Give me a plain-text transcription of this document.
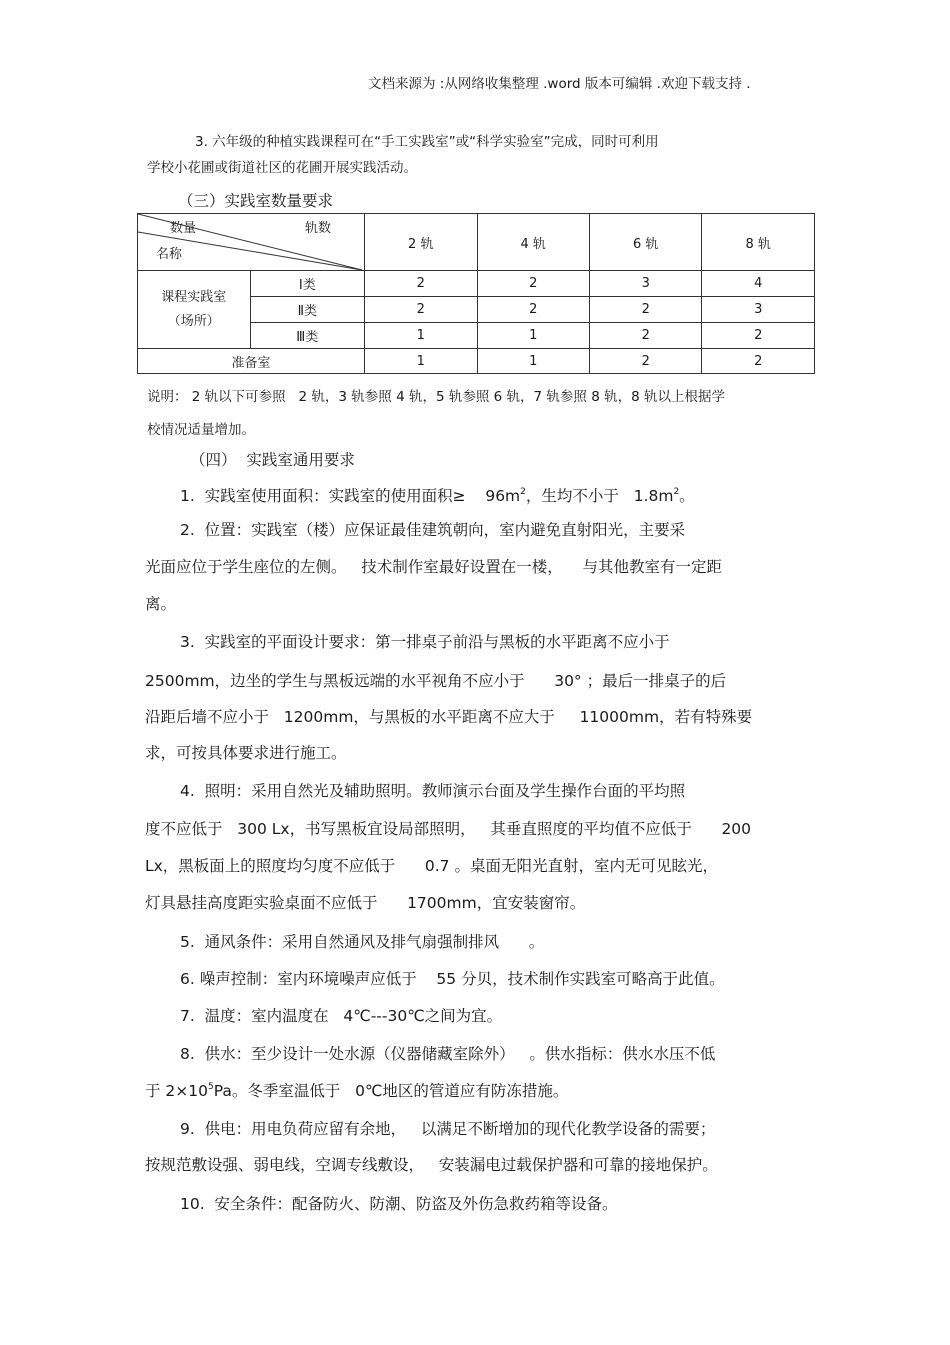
文档来源为 :从网络收集整理 .word 版本可编辑 .欢迎下载支持 .
3. 六年级的种植实践课程可在“手工实践室”或“科学实验室”完成，同时可利用
学校小花圃或街道社区的花圃开展实践活动。
（三）实践室数量要求
数量
名称
轨数		2 轨	4 轨	6 轨	8 轨

课程实践室
（场所）	Ⅰ类	2	2	3	4
	Ⅱ类	2	2	2	3
	Ⅲ类	1	1	2	2
准备室		1	1	2	2
说明： 2 轨以下可参照   2 轨，3 轨参照 4 轨，5 轨参照 6 轨，7 轨参照 8 轨，8 轨以上根据学
校情况适量增加。
（四）  实践室通用要求
1.  实践室使用面积：实践室的使用面积≥    $96m^2$，生均不小于   $1.8m^2$。
2.  位置：实践室（楼）应保证最佳建筑朝向，室内避免直射阳光，主要采
光面应位于学生座位的左侧。   技术制作室最好设置在一楼，    与其他教室有一定距
离。
3.  实践室的平面设计要求：第一排桌子前沿与黑板的水平距离不应小于
2500mm，边坐的学生与黑板远端的水平视角不应小于      30° ；最后一排桌子的后
沿距后墙不应小于   1200mm，与黑板的水平距离不应大于     11000mm，若有特殊要
求，可按具体要求进行施工。
4.  照明：采用自然光及辅助照明。教师演示台面及学生操作台面的平均照
度不应低于   300 Lx，书写黑板宜设局部照明，   其垂直照度的平均值不应低于      200
Lx，黑板面上的照度均匀度不应低于      0.7 。桌面无阳光直射，室内无可见眩光，
灯具悬挂高度距实验桌面不应低于      1700mm，宜安装窗帘。
5.  通风条件：采用自然通风及排气扇强制排风      。
6. 噪声控制：室内环境噪声应低于    55 分贝，技术制作实践室可略高于此值。
7.  温度：室内温度在   4℃---30℃之间为宜。
8.  供水：至少设计一处水源（仪器储藏室除外）   。供水指标：供水水压不低
于 $2\times 10^5Pa$。冬季室温低于   0℃地区的管道应有防冻措施。
9.  供电：用电负荷应留有余地，   以满足不断增加的现代化教学设备的需要；
按规范敷设强、弱电线，空调专线敷设，   安装漏电过载保护器和可靠的接地保护。
10.  安全条件：配备防火、防潮、防盗及外伤急救药箱等设备。
